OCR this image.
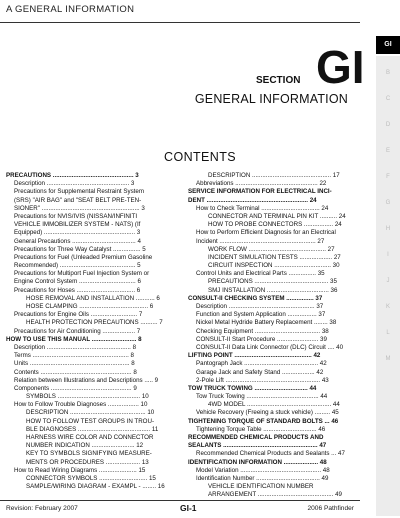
A GENERAL INFORMATION
GI
B
C
D
E
F
G
H
I
J
K
L
M
SECTION GI
GENERAL INFORMATION
CONTENTS
PRECAUTIONS ............................................... 3
Description ................................................ 3
Precautions for Supplemental Restraint System
(SRS) "AIR BAG" and "SEAT BELT PRE-TEN-
SIONER" ......................................................... 3
Precautions for NVIS/IVIS (NISSAN/INFINITI
VEHICLE IMMOBILIZER SYSTEM - NATS) (If
Equipped) ..................................................... 3
General Precautions ..................................... 4
Precautions for Three Way Catalyst ................ 5
Precautions for Fuel (Unleaded Premium Gasoline
Recommended) ............................................ 5
Precautions for Multiport Fuel Injection System or
Engine Control System ................................. 6
Precautions for Hoses .................................. 6
HOSE REMOVAL AND INSTALLATION ........... 6
HOSE CLAMPING ........................................ 6
Precautions for Engine Oils ........................... 7
HEALTH PROTECTION PRECAUTIONS .......... 7
Precautions for Air Conditioning ................... 7
HOW TO USE THIS MANUAL .......................... 8
Description ................................................. 8
Terms ........................................................ 8
Units .......................................................... 8
Contents ..................................................... 8
Relation between Illustrations and Descriptions ..... 9
Components ............................................... 9
SYMBOLS ................................................ 10
How to Follow Trouble Diagnoses .................. 10
DESCRIPTION ............................................ 10
HOW TO FOLLOW TEST GROUPS IN TROU-
BLE DIAGNOSES .......................................... 11
HARNESS WIRE COLOR AND CONNECTOR
NUMBER INDICATION ......................... 12
KEY TO SYMBOLS SIGNIFYING MEASURE-
MENTS OR PROCEDURES .................... 13
How to Read Wiring Diagrams ...................... 15
CONNECTOR SYMBOLS ............................ 15
SAMPLE/WIRING DIAGRAM - EXAMPL - ........ 16
DESCRIPTION .............................................. 17
Abbreviations ................................................ 22
SERVICE INFORMATION FOR ELECTRICAL INCI-
DENT ........................................................... 24
How to Check Terminal .................................. 24
CONNECTOR AND TERMINAL PIN KIT .......... 24
HOW TO PROBE CONNECTORS ................. 24
How to Perform Efficient Diagnosis for an Electrical
Incident ........................................................ 27
WORK FLOW ............................................. 27
INCIDENT SIMULATION TESTS ................... 27
CIRCUIT INSPECTION ................................. 30
Control Units and Electrical Parts ................ 35
PRECAUTIONS ........................................... 35
SMJ INSTALLATION .................................... 36
CONSULT-II CHECKING SYSTEM ................ 37
Description .................................................. 37
Function and System Application ................. 37
Nickel Metal Hydride Battery Replacement ........ 38
Checking Equipment ...................................... 38
CONSULT-II Start Procedure ........................ 39
CONSULT-II Data Link Connector (DLC) Circuit .... 40
LIFTING POINT ............................................. 42
Pantograph Jack ........................................... 42
Garage Jack and Safety Stand ................... 42
2-Pole Lift ....................................................... 43
TOW TRUCK TOWING ............................... 44
Tow Truck Towing .......................................... 44
4WD MODEL ................................................. 44
Vehicle Recovery (Freeing a stuck vehicle) ......... 45
TIGHTENING TORQUE OF STANDARD BOLTS ... 46
Tightening Torque Table ............................... 46
RECOMMENDED CHEMICAL PRODUCTS AND
SEALANTS ....................................................... 47
Recommended Chemical Products and Sealants ... 47
IDENTIFICATION INFORMATION .................... 48
Model Variation ............................................... 48
Identification Number ..................................... 49
VEHICLE IDENTIFICATION NUMBER
ARRANGEMENT ............................................ 49
Revision: February 2007	GI-1	2006 Pathfinder
